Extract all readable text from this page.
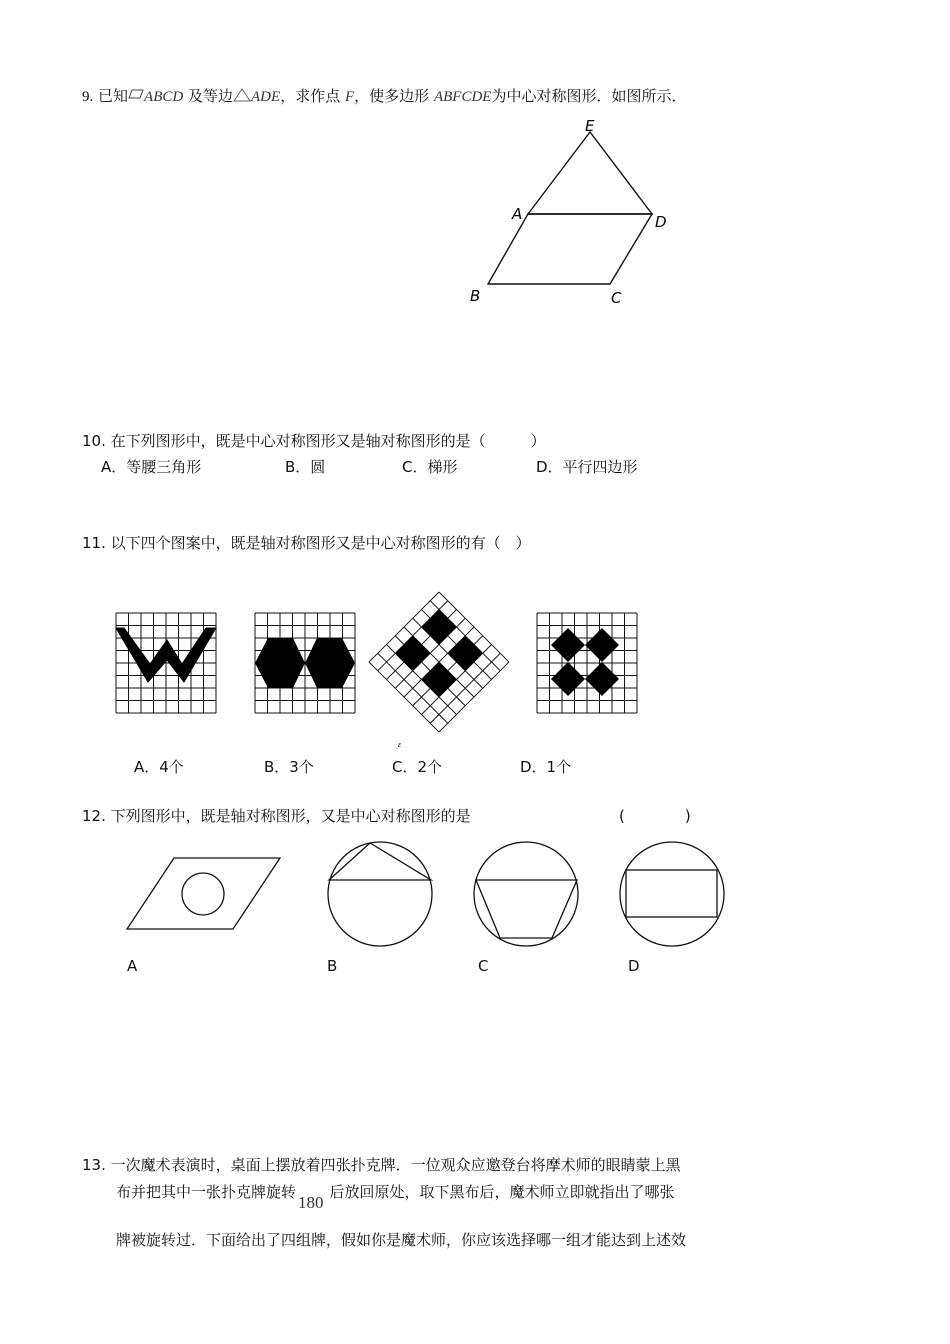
9. 已知 ABCD 及等边 ADE，求作点 F，使多边形 ABFCDE为中心对称图形．如图所示．
E
A	D
B	C
10. 在下列图形中，既是中心对称图形又是轴对称图形的是（　　　）
A．等腰三角形	B．圆	C．梯形	D．平行四边形
11. 以下四个图案中，既是轴对称图形又是中心对称图形的有（　）
A．4个	B．3个	C．2个	D．1个
ε
12. 下列图形中，既是轴对称图形，又是中心对称图形的是	(　　　　)
A	B	C	D
13. 一次魔术表演时，桌面上摆放着四张扑克牌．一位观众应邀登台将摩术师的眼睛蒙上黑
布并把其中一张扑克牌旋转180后放回原处，取下黑布后，魔术师立即就指出了哪张
牌被旋转过．下面给出了四组牌，假如你是魔术师，你应该选择哪一组才能达到上述效
